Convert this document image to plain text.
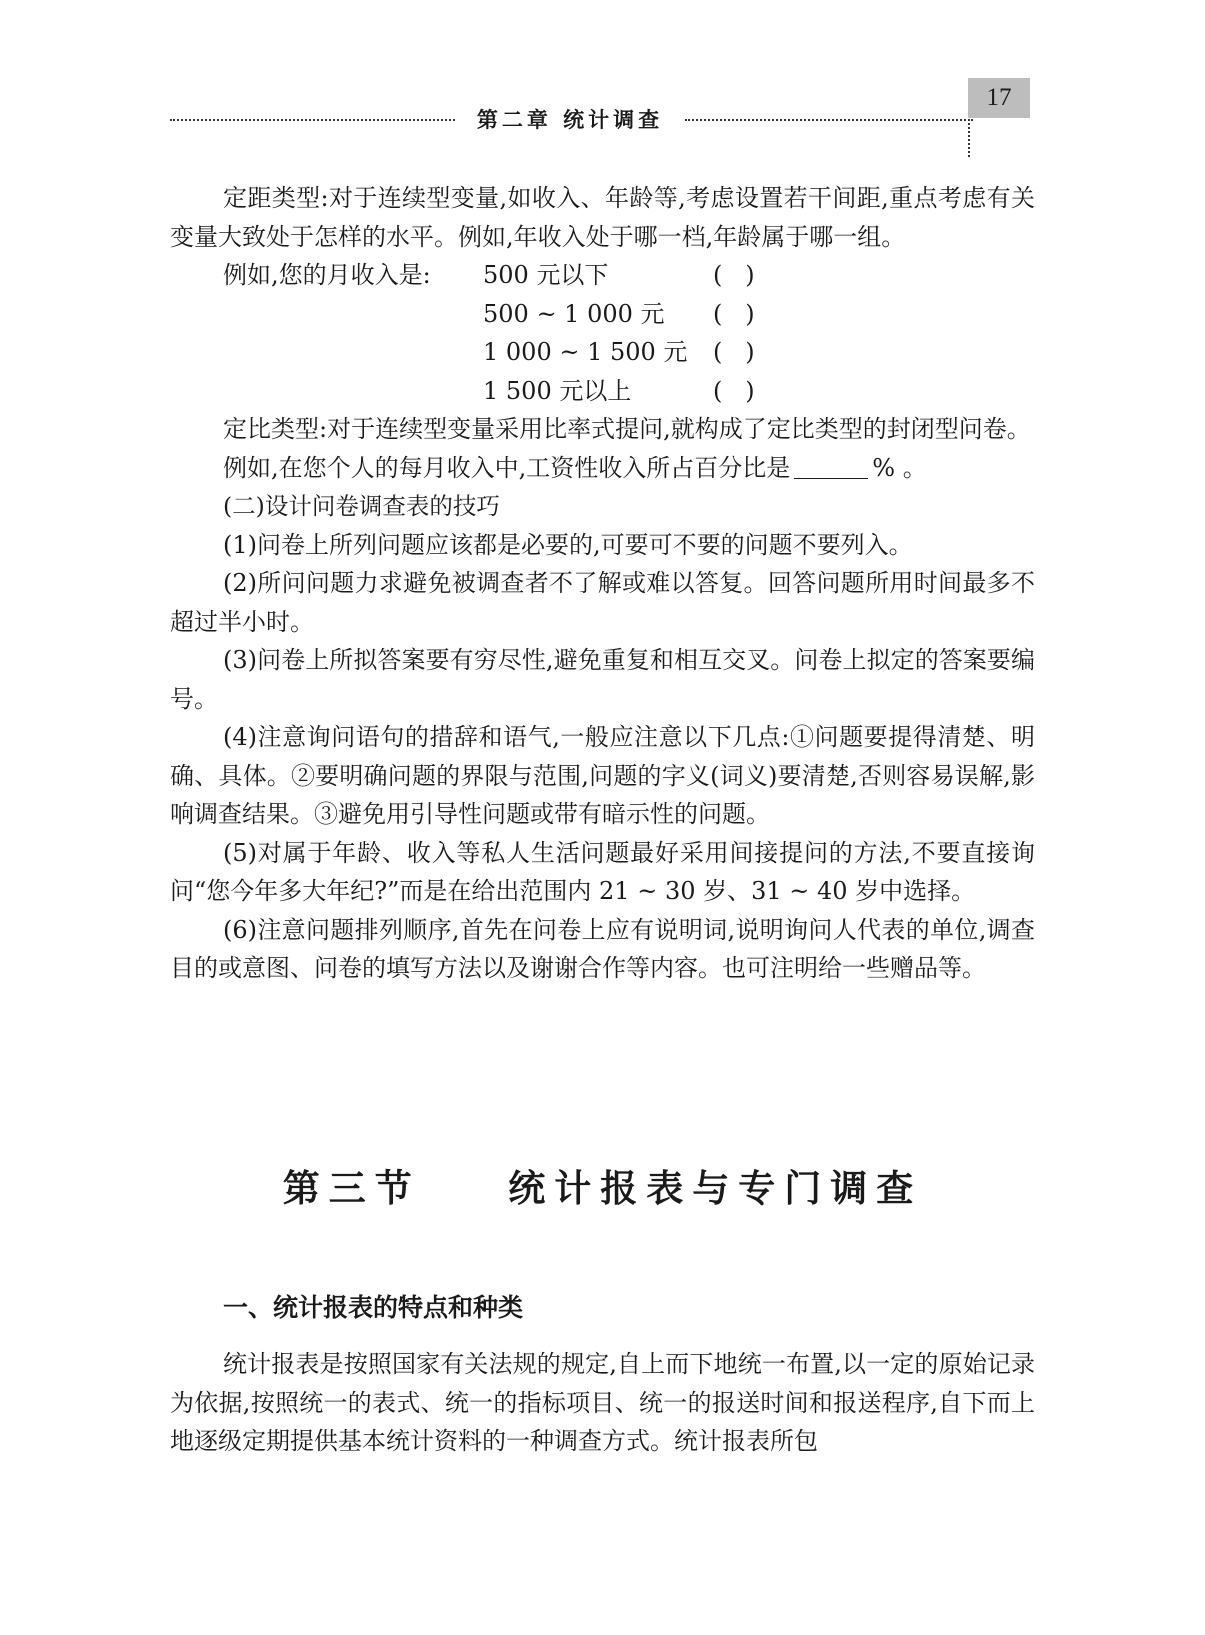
第二章 统计调查
17

定距类型:对于连续型变量,如收入、年龄等,考虑设置若干间距,重点考虑有关变量大致处于怎样的水平。例如,年收入处于哪一档,年龄属于哪一组。

例如,您的月收入是: 500 元以下	(   )
500 ~ 1 000 元 (   )
1 000 ~ 1 500 元 (   )
1 500 元以上	(   )

定比类型:对于连续型变量采用比率式提问,就构成了定比类型的封闭型问卷。

例如,在您个人的每月收入中,工资性收入所占百分比是	% 。

(二)设计问卷调查表的技巧

(1)问卷上所列问题应该都是必要的,可要可不要的问题不要列入。

(2)所问问题力求避免被调查者不了解或难以答复。回答问题所用时间最多不超过半小时。

(3)问卷上所拟答案要有穷尽性,避免重复和相互交叉。问卷上拟定的答案要编号。

(4)注意询问语句的措辞和语气,一般应注意以下几点:①问题要提得清楚、明确、具体。②要明确问题的界限与范围,问题的字义(词义)要清楚,否则容易误解,影响调查结果。③避免用引导性问题或带有暗示性的问题。

(5)对属于年龄、收入等私人生活问题最好采用间接提问的方法,不要直接询问“您今年多大年纪?”而是在给出范围内 21 ~ 30 岁、31 ~ 40 岁中选择。

(6)注意问题排列顺序,首先在问卷上应有说明词,说明询问人代表的单位,调查目的或意图、问卷的填写方法以及谢谢合作等内容。也可注明给一些赠品等。

第三节    统计报表与专门调查
一、统计报表的特点和种类

统计报表是按照国家有关法规的规定,自上而下地统一布置,以一定的原始记录为依据,按照统一的表式、统一的指标项目、统一的报送时间和报送程序,自下而上地逐级定期提供基本统计资料的一种调查方式。统计报表所包
